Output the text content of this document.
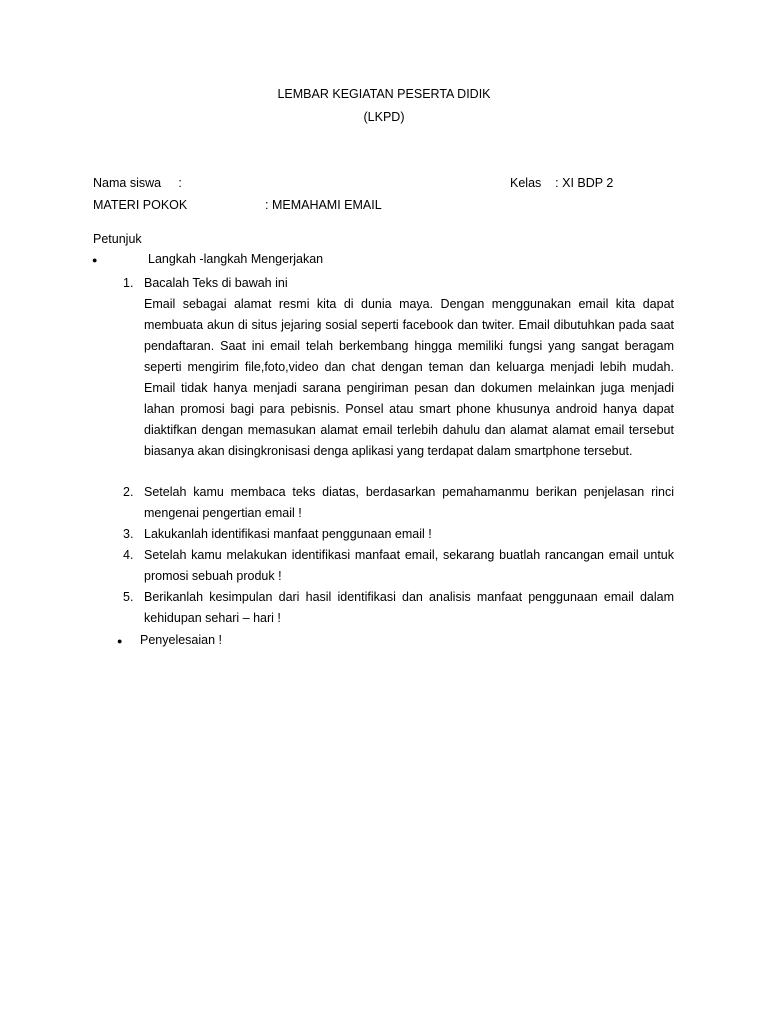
LEMBAR KEGIATAN PESERTA DIDIK
(LKPD)
Nama siswa     :	Kelas    : XI BDP 2
MATERI POKOK	: MEMAHAMI EMAIL
Petunjuk
●	Langkah -langkah Mengerjakan
1. Bacalah Teks di bawah ini
Email sebagai alamat resmi kita di dunia maya. Dengan menggunakan email kita dapat membuata akun di situs jejaring sosial seperti facebook dan twiter. Email dibutuhkan pada saat pendaftaran. Saat ini email telah berkembang hingga memiliki fungsi yang sangat beragam seperti mengirim file,foto,video dan chat dengan teman dan keluarga menjadi lebih mudah. Email tidak hanya menjadi sarana pengiriman pesan dan dokumen melainkan juga menjadi lahan promosi bagi para pebisnis. Ponsel atau smart phone khusunya android hanya dapat diaktifkan dengan memasukan alamat email terlebih dahulu dan alamat alamat email tersebut biasanya akan disingkronisasi denga aplikasi yang terdapat dalam smartphone tersebut.
2. Setelah kamu membaca teks diatas, berdasarkan pemahamanmu berikan penjelasan rinci mengenai pengertian email !
3. Lakukanlah identifikasi manfaat penggunaan email !
4. Setelah kamu melakukan identifikasi manfaat email, sekarang buatlah rancangan email untuk promosi sebuah produk !
5. Berikanlah kesimpulan dari hasil identifikasi dan analisis manfaat penggunaan email dalam kehidupan sehari – hari !
● Penyelesaian !
